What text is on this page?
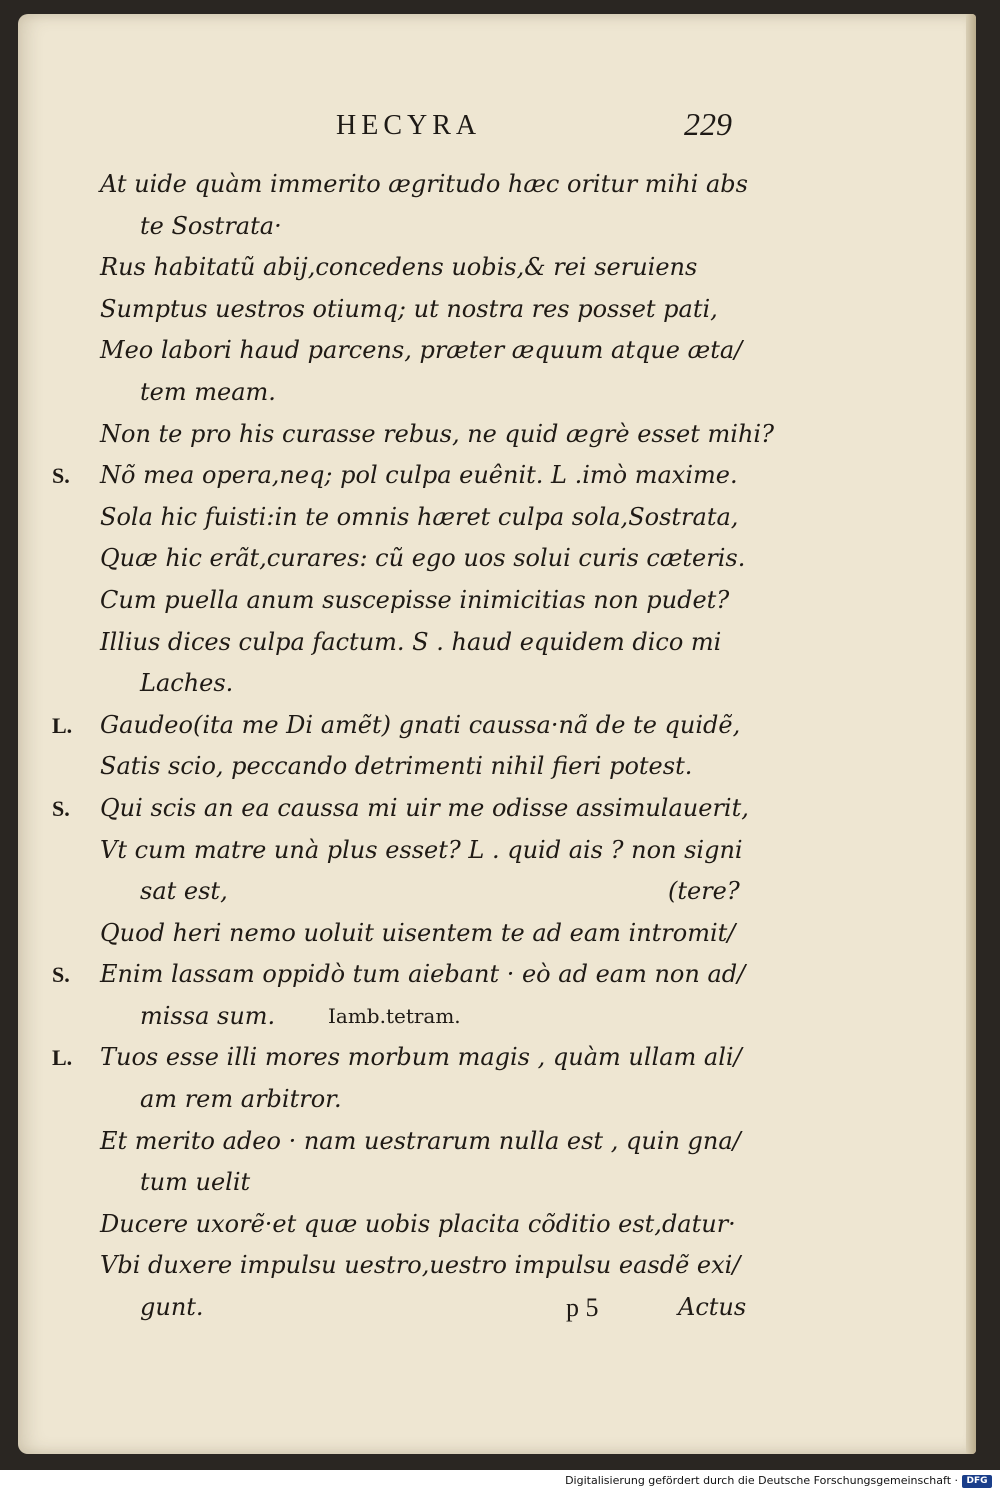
HECYRA	229
At uide quàm immerito ægritudo hæc oritur mihi abs
te Sostrata·
Rus habitatũ abij,concedens uobis,& rei seruiens
Sumptus uestros otiumq; ut nostra res posset pati,
Meo labori haud parcens, præter æquum atque æta/
tem meam.
Non te pro his curasse rebus, ne quid ægrè esset mihi?
S. Nõ mea opera,neq; pol culpa euênit. L .imò maxime.
Sola hic fuisti:in te omnis hæret culpa sola,Sostrata,
Quæ hic erãt,curares: cũ ego uos solui curis cæteris.
Cum puella anum suscepisse inimicitias non pudet?
Illius dices culpa factum. S . haud equidem dico mi
Laches.
L. Gaudeo(ita me Di amẽt) gnati caussa·nã de te quidẽ,
Satis scio, peccando detrimenti nihil fieri potest.
S. Qui scis an ea caussa mi uir me odisse assimulauerit,
Vt cum matre unà plus esset? L . quid ais ? non signi
sat est,	(tere?
Quod heri nemo uoluit uisentem te ad eam intromit/
S. Enim lassam oppidò tum aiebant · eò ad eam non ad/
missa sum.	Iamb.tetram.
L. Tuos esse illi mores morbum magis , quàm ullam ali/
am rem arbitror.
Et merito adeo · nam uestrarum nulla est , quin gna/
tum uelit
Ducere uxorẽ·et quæ uobis placita cõditio est,datur·
Vbi duxere impulsu uestro,uestro impulsu easdẽ exi/
gunt.	p 5	Actus
Digitalisierung gefördert durch die Deutsche Forschungsgemeinschaft · DFG
